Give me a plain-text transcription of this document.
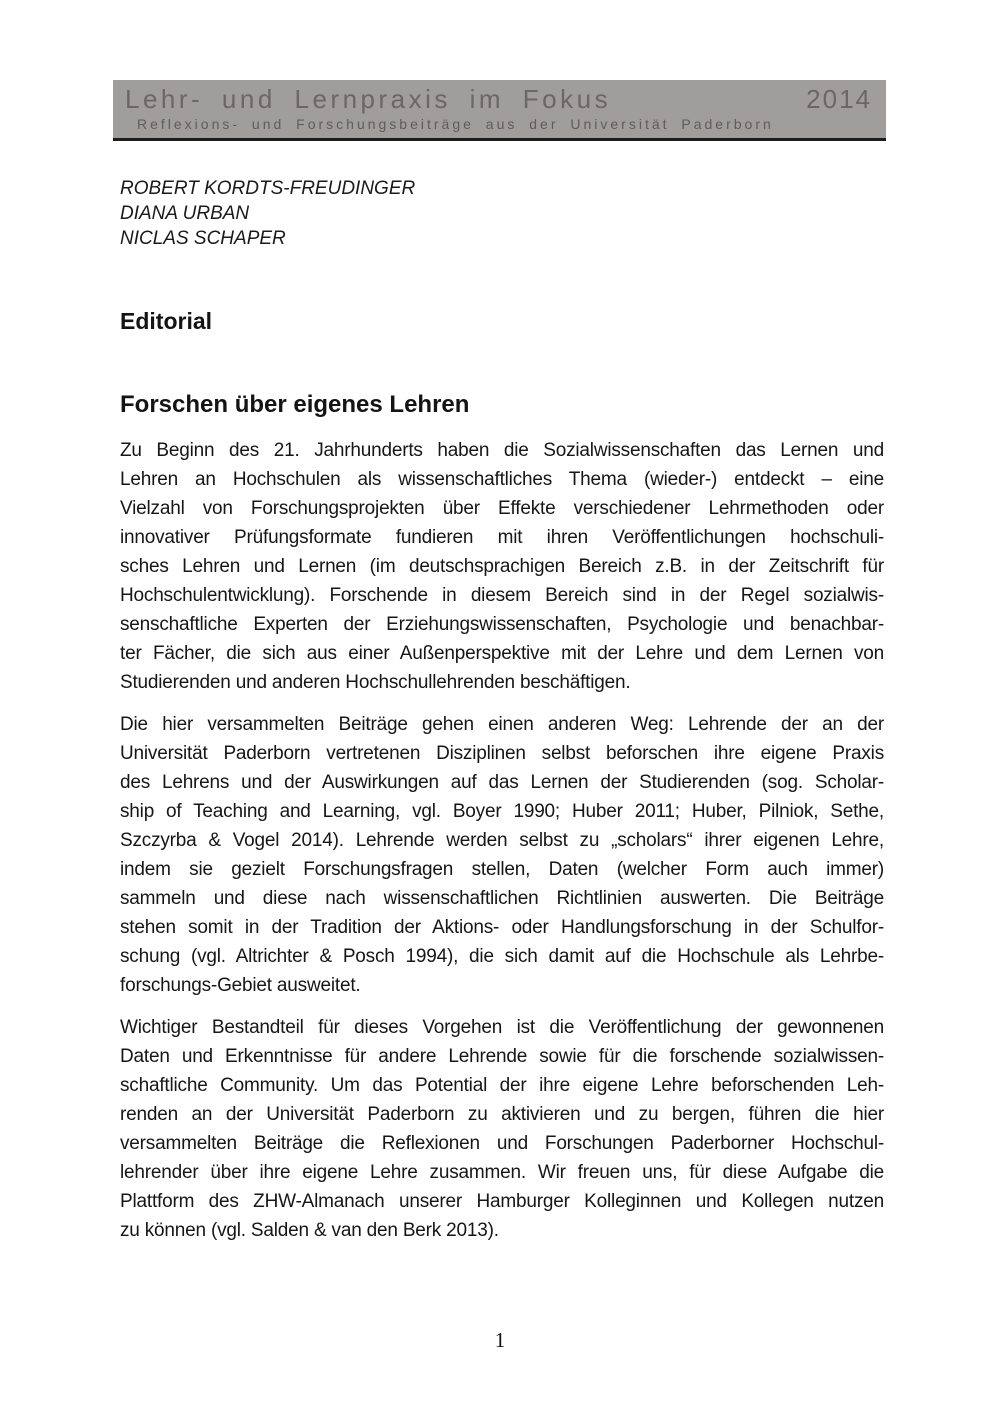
Lehr- und Lernpraxis im Fokus	2014
Reflexions- und Forschungsbeiträge aus der Universität Paderborn
ROBERT KORDTS-FREUDINGER
DIANA URBAN
NICLAS SCHAPER
Editorial
Forschen über eigenes Lehren
Zu Beginn des 21. Jahrhunderts haben die Sozialwissenschaften das Lernen und
Lehren an Hochschulen als wissenschaftliches Thema (wieder-) entdeckt – eine
Vielzahl von Forschungsprojekten über Effekte verschiedener Lehrmethoden oder
innovativer Prüfungsformate fundieren mit ihren Veröffentlichungen hochschuli-
sches Lehren und Lernen (im deutschsprachigen Bereich z.B. in der Zeitschrift für
Hochschulentwicklung). Forschende in diesem Bereich sind in der Regel sozialwis-
senschaftliche Experten der Erziehungswissenschaften, Psychologie und benachbar-
ter Fächer, die sich aus einer Außenperspektive mit der Lehre und dem Lernen von
Studierenden und anderen Hochschullehrenden beschäftigen.
Die hier versammelten Beiträge gehen einen anderen Weg: Lehrende der an der
Universität Paderborn vertretenen Disziplinen selbst beforschen ihre eigene Praxis
des Lehrens und der Auswirkungen auf das Lernen der Studierenden (sog. Scholar-
ship of Teaching and Learning, vgl. Boyer 1990; Huber 2011; Huber, Pilniok, Sethe,
Szczyrba & Vogel 2014). Lehrende werden selbst zu „scholars“ ihrer eigenen Lehre,
indem sie gezielt Forschungsfragen stellen, Daten (welcher Form auch immer)
sammeln und diese nach wissenschaftlichen Richtlinien auswerten. Die Beiträge
stehen somit in der Tradition der Aktions- oder Handlungsforschung in der Schulfor-
schung (vgl. Altrichter & Posch 1994), die sich damit auf die Hochschule als Lehrbe-
forschungs-Gebiet ausweitet.
Wichtiger Bestandteil für dieses Vorgehen ist die Veröffentlichung der gewonnenen
Daten und Erkenntnisse für andere Lehrende sowie für die forschende sozialwissen-
schaftliche Community. Um das Potential der ihre eigene Lehre beforschenden Leh-
renden an der Universität Paderborn zu aktivieren und zu bergen, führen die hier
versammelten Beiträge die Reflexionen und Forschungen Paderborner Hochschul-
lehrender über ihre eigene Lehre zusammen. Wir freuen uns, für diese Aufgabe die
Plattform des ZHW-Almanach unserer Hamburger Kolleginnen und Kollegen nutzen
zu können (vgl. Salden & van den Berk 2013).
1
